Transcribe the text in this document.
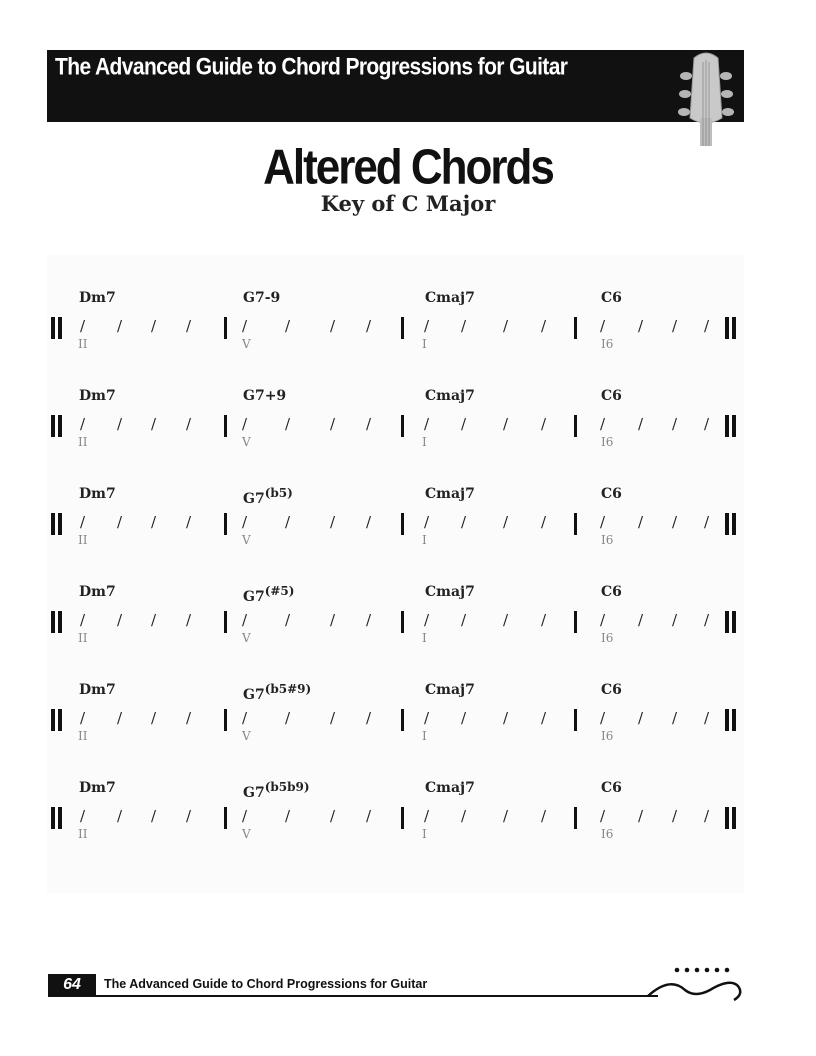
The Advanced Guide to Chord Progressions for Guitar
Altered Chords
Key of C Major
Dm7
/ / / /
II
G7-9
/	/	/ /
V
Cmaj7
/ / / /
I
C6
/ / / /
I6
Dm7
/ / / /
II
G7+9
/	/	/ /
V
Cmaj7
/ / / /
I
C6
/ / / /
I6
Dm7
/ / / /
II
$G7^{(b5)}$
/	/	/ /
V
Cmaj7
/ / / /
I
C6
/ / / /
I6
Dm7
/ / / /
II
$G7^{(\#5)}$
/	/	/ /
V
Cmaj7
/ / / /
I
C6
/ / / /
I6
Dm7
/ / / /
II
$G7^{(b5\#9)}$
/	/	/ /
V
Cmaj7
/ / / /
I
C6
/ / / /
I6
Dm7
/ / / /
II
$G7^{(b5b9)}$
/	/	/ /
V
Cmaj7
/ / / /
I
C6
/ / / /
I6
64	The Advanced Guide to Chord Progressions for Guitar
